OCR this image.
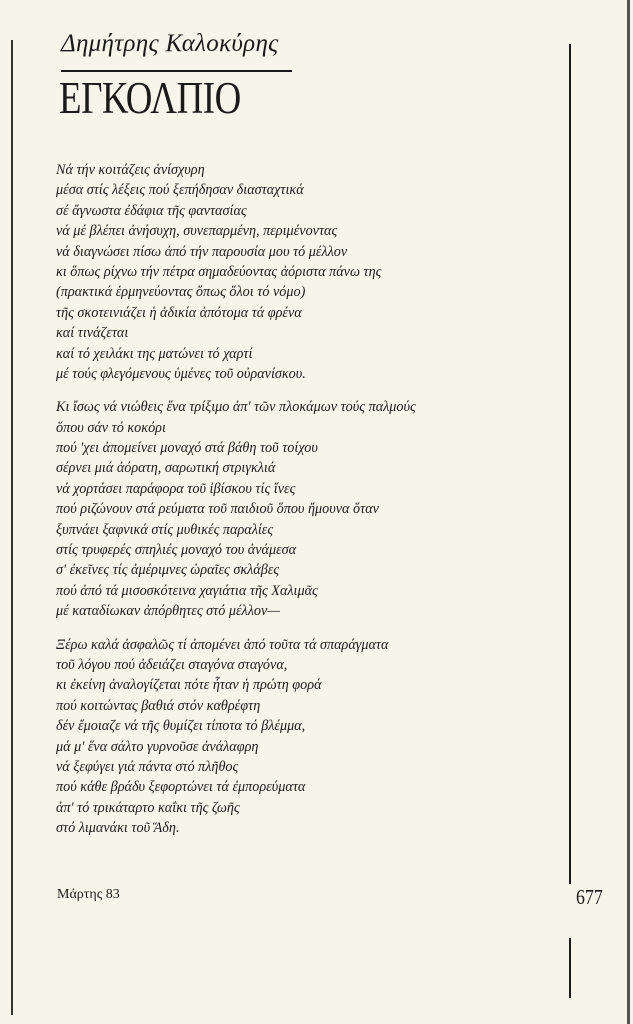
Δημήτρης Καλοκύρης

ΕΓΚΟΛΠΙΟ
Νά τήν κοιτάζεις ἀνίσχυρη
μέσα στίς λέξεις πού ξεπήδησαν διασταχτικά
σέ ἄγνωστα ἐδάφια τῆς φαντασίας
νά μέ βλέπει ἀνήσυχη, συνεπαρμένη, περιμένοντας
νά διαγνώσει πίσω ἀπό τήν παρουσία μου τό μέλλον
κι ὅπως ρίχνω τήν πέτρα σημαδεύοντας ἀόριστα πάνω της
(πρακτικά ἑρμηνεύοντας ὅπως ὅλοι τό νόμο)
τῆς σκοτεινιάζει ἡ ἀδικία ἀπότομα τά φρένα
καί τινάζεται
καί τό χειλάκι της ματώνει τό χαρτί
μέ τούς φλεγόμενους ὑμένες τοῦ οὐρανίσκου.
Κι ἴσως νά νιώθεις ἕνα τρίξιμο ἀπ' τῶν πλοκάμων τούς παλμούς
ὅπου σάν τό κοκόρι
πού 'χει ἀπομείνει μοναχό στά βάθη τοῦ τοίχου
σέρνει μιά ἀόρατη, σαρωτική στριγκλιά
νά χορτάσει παράφορα τοῦ ἰβίσκου τίς ἴνες
πού ριζώνουν στά ρεύματα τοῦ παιδιοῦ ὅπου ἤμουνα ὅταν
ξυπνάει ξαφνικά στίς μυθικές παραλίες
στίς τρυφερές σπηλιές μοναχό του ἀνάμεσα
σ' ἐκεῖνες τίς ἀμέριμνες ὡραῖες σκλάβες
πού ἀπό τά μισοσκότεινα χαγιάτια τῆς Χαλιμᾶς
μέ καταδίωκαν ἀπόρθητες στό μέλλον—
Ξέρω καλά ἀσφαλῶς τί ἀπομένει ἀπό τοῦτα τά σπαράγματα
τοῦ λόγου πού ἀδειάζει σταγόνα σταγόνα,
κι ἐκείνη ἀναλογίζεται πότε ἦταν ἡ πρώτη φορά
πού κοιτώντας βαθιά στόν καθρέφτη
δέν ἔμοιαζε νά τῆς θυμίζει τίποτα τό βλέμμα,
μά μ' ἕνα σάλτο γυρνοῦσε ἀνάλαφρη
νά ξεφύγει γιά πάντα στό πλῆθος
πού κάθε βράδυ ξεφορτώνει τά ἐμπορεύματα
ἀπ' τό τρικάταρτο καΐκι τῆς ζωῆς
στό λιμανάκι τοῦ Ἅδη.

Μάρτης 83	677
